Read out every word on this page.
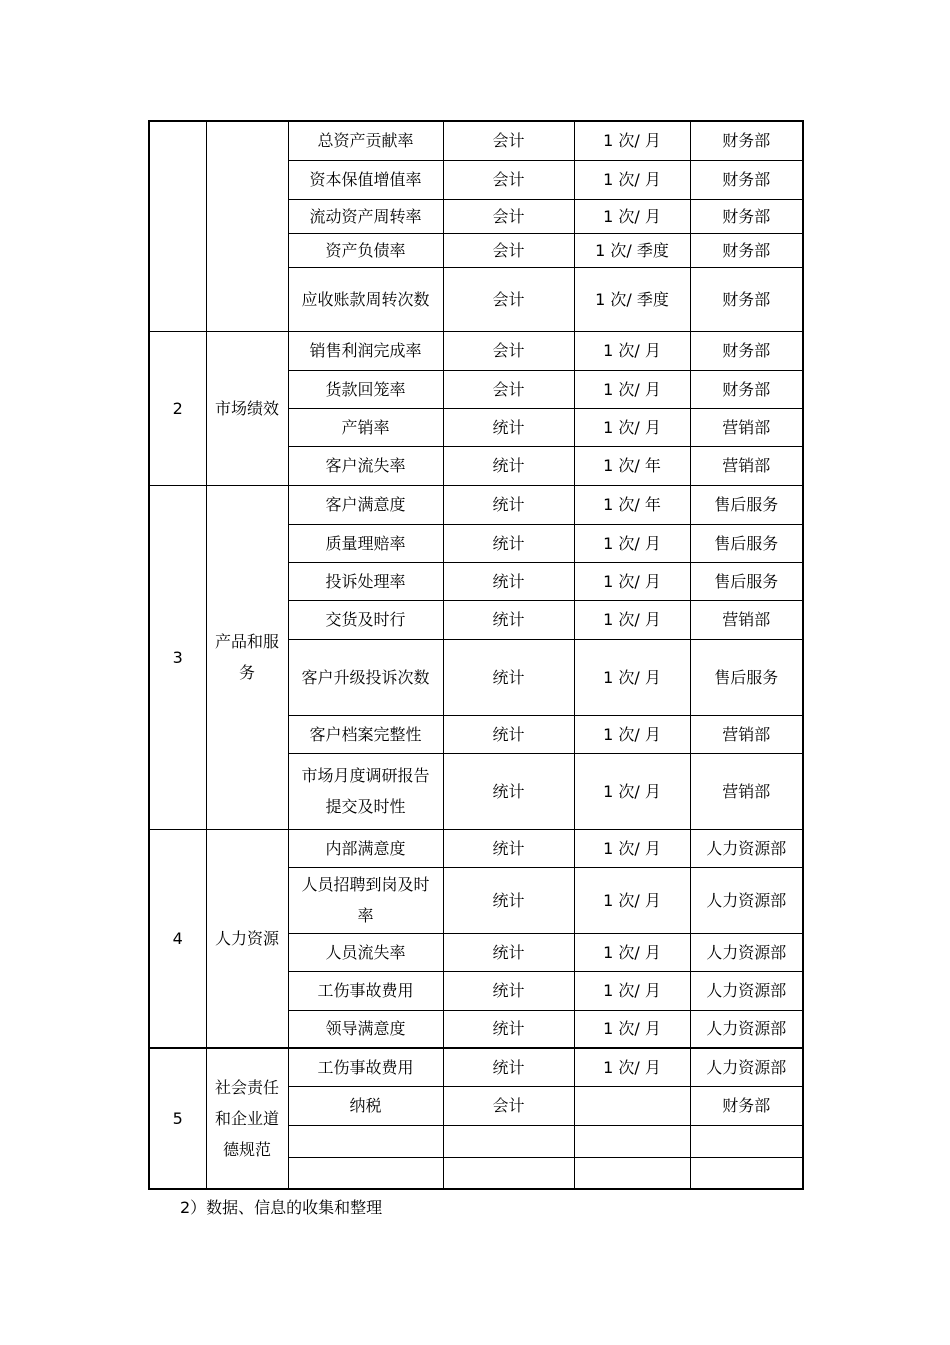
		总资产贡献率	会计	1 次/ 月	财务部
		资本保值增值率	会计	1 次/ 月	财务部
		流动资产周转率	会计	1 次/ 月	财务部
		资产负债率	会计	1 次/ 季度	财务部
		应收账款周转次数	会计	1 次/ 季度	财务部
2	市场绩效	销售利润完成率	会计	1 次/ 月	财务部
		货款回笼率	会计	1 次/ 月	财务部
		产销率	统计	1 次/ 月	营销部
		客户流失率	统计	1 次/ 年	营销部
3	产品和服务	客户满意度	统计	1 次/ 年	售后服务
		质量理赔率	统计	1 次/ 月	售后服务
		投诉处理率	统计	1 次/ 月	售后服务
		交货及时行	统计	1 次/ 月	营销部
		客户升级投诉次数	统计	1 次/ 月	售后服务
		客户档案完整性	统计	1 次/ 月	营销部
		市场月度调研报告提交及时性	统计	1 次/ 月	营销部
4	人力资源	内部满意度	统计	1 次/ 月	人力资源部
		人员招聘到岗及时率	统计	1 次/ 月	人力资源部
		人员流失率	统计	1 次/ 月	人力资源部
		工伤事故费用	统计	1 次/ 月	人力资源部
		领导满意度	统计	1 次/ 月	人力资源部
5	社会责任和企业道德规范	工伤事故费用	统计	1 次/ 月	人力资源部
		纳税	会计		财务部

2）数据、信息的收集和整理
